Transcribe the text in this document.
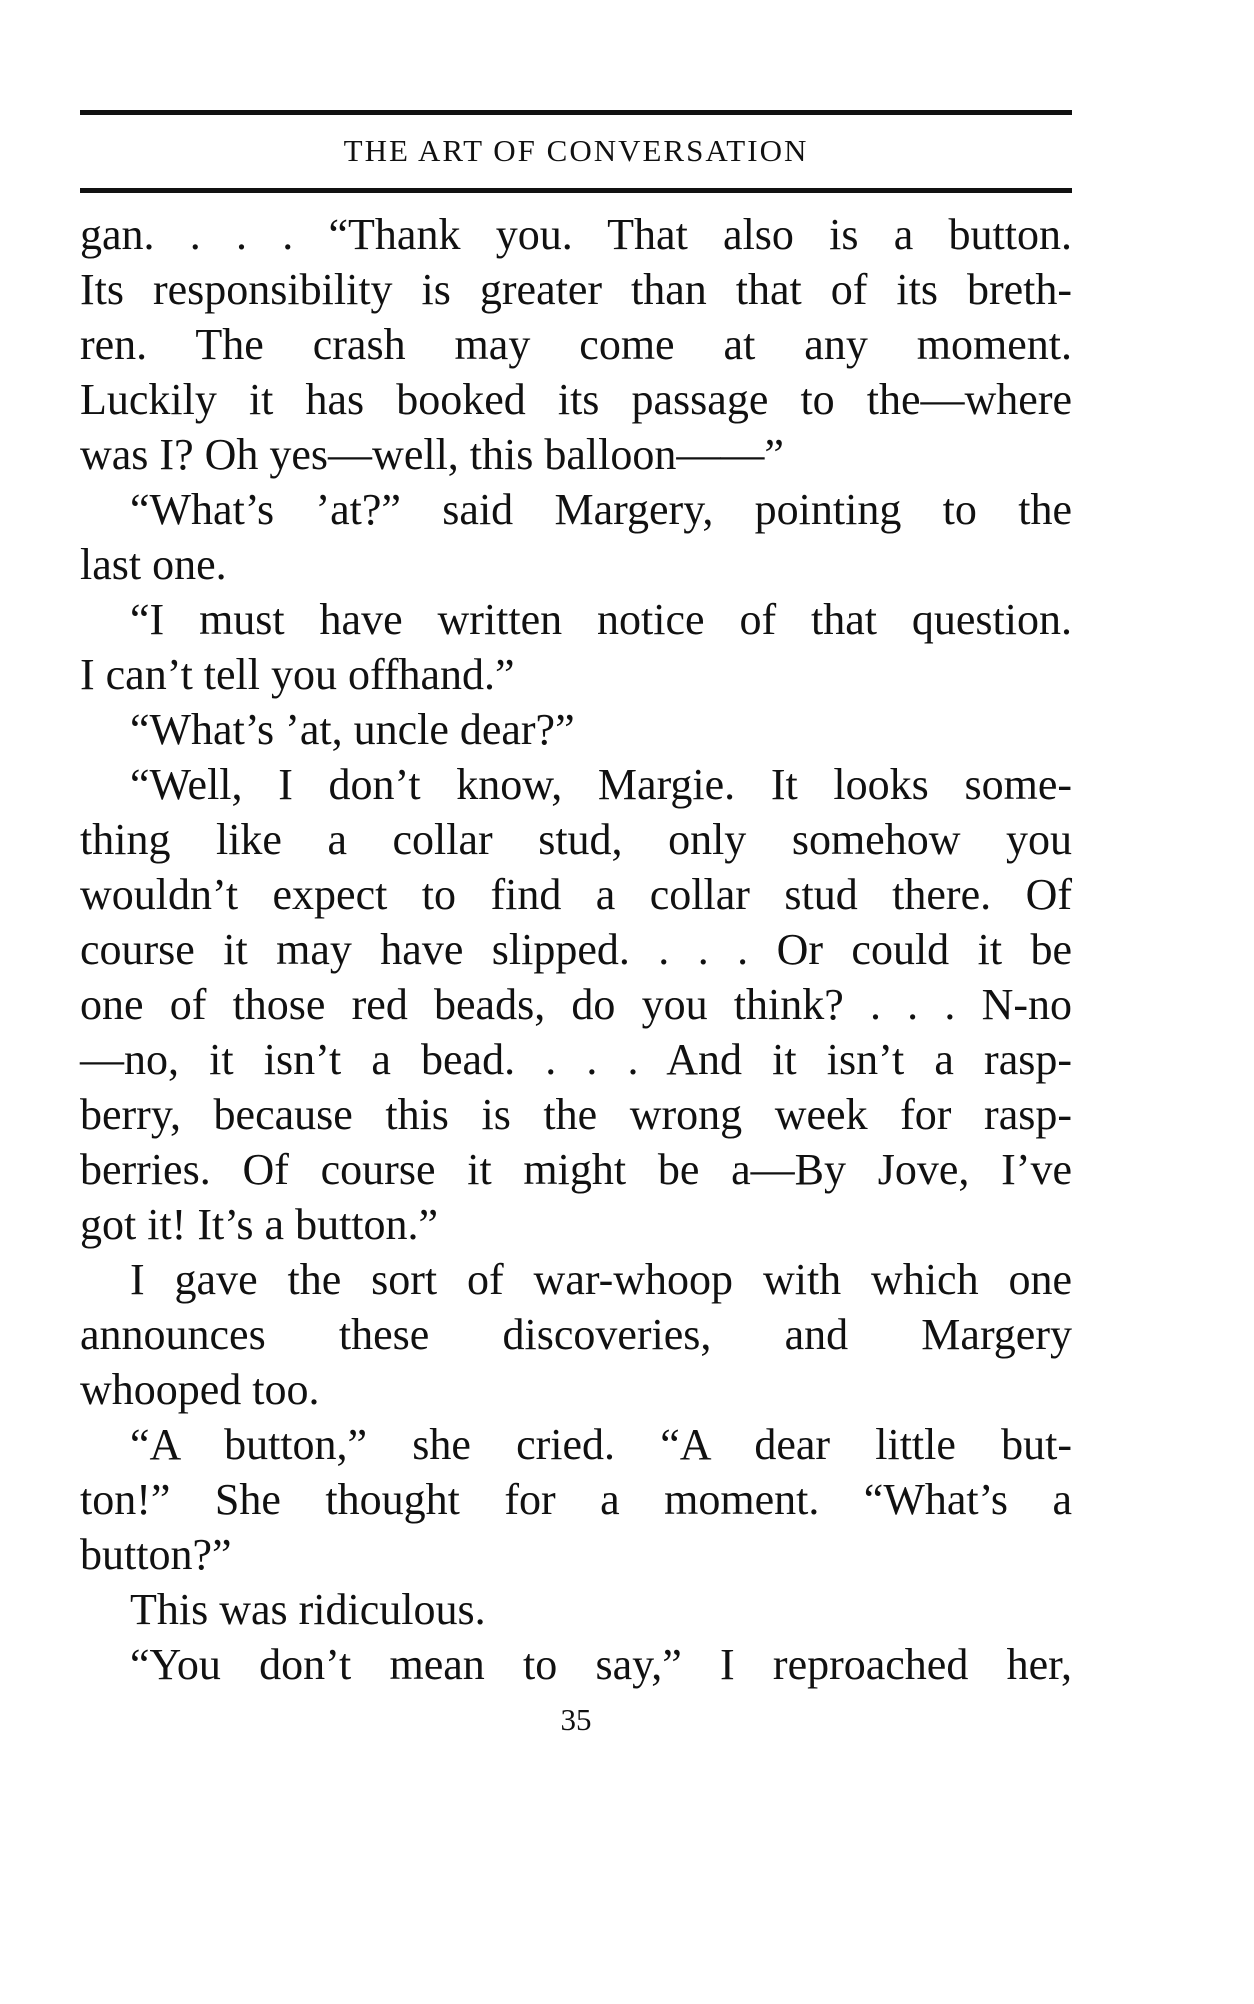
THE ART OF CONVERSATION
gan. . . . “Thank you. That also is a button.
Its responsibility is greater than that of its breth-
ren. The crash may come at any moment.
Luckily it has booked its passage to the—where
was I? Oh yes—well, this balloon——”
“What’s ’at?” said Margery, pointing to the
last one.
“I must have written notice of that question.
I can’t tell you offhand.”
“What’s ’at, uncle dear?”
“Well, I don’t know, Margie. It looks some-
thing like a collar stud, only somehow you
wouldn’t expect to find a collar stud there. Of
course it may have slipped. . . . Or could it be
one of those red beads, do you think? . . . N-no
—no, it isn’t a bead. . . . And it isn’t a rasp-
berry, because this is the wrong week for rasp-
berries. Of course it might be a—By Jove, I’ve
got it! It’s a button.”
I gave the sort of war-whoop with which one
announces these discoveries, and Margery
whooped too.
“A button,” she cried. “A dear little but-
ton!” She thought for a moment. “What’s a
button?”
This was ridiculous.
“You don’t mean to say,” I reproached her,
35
